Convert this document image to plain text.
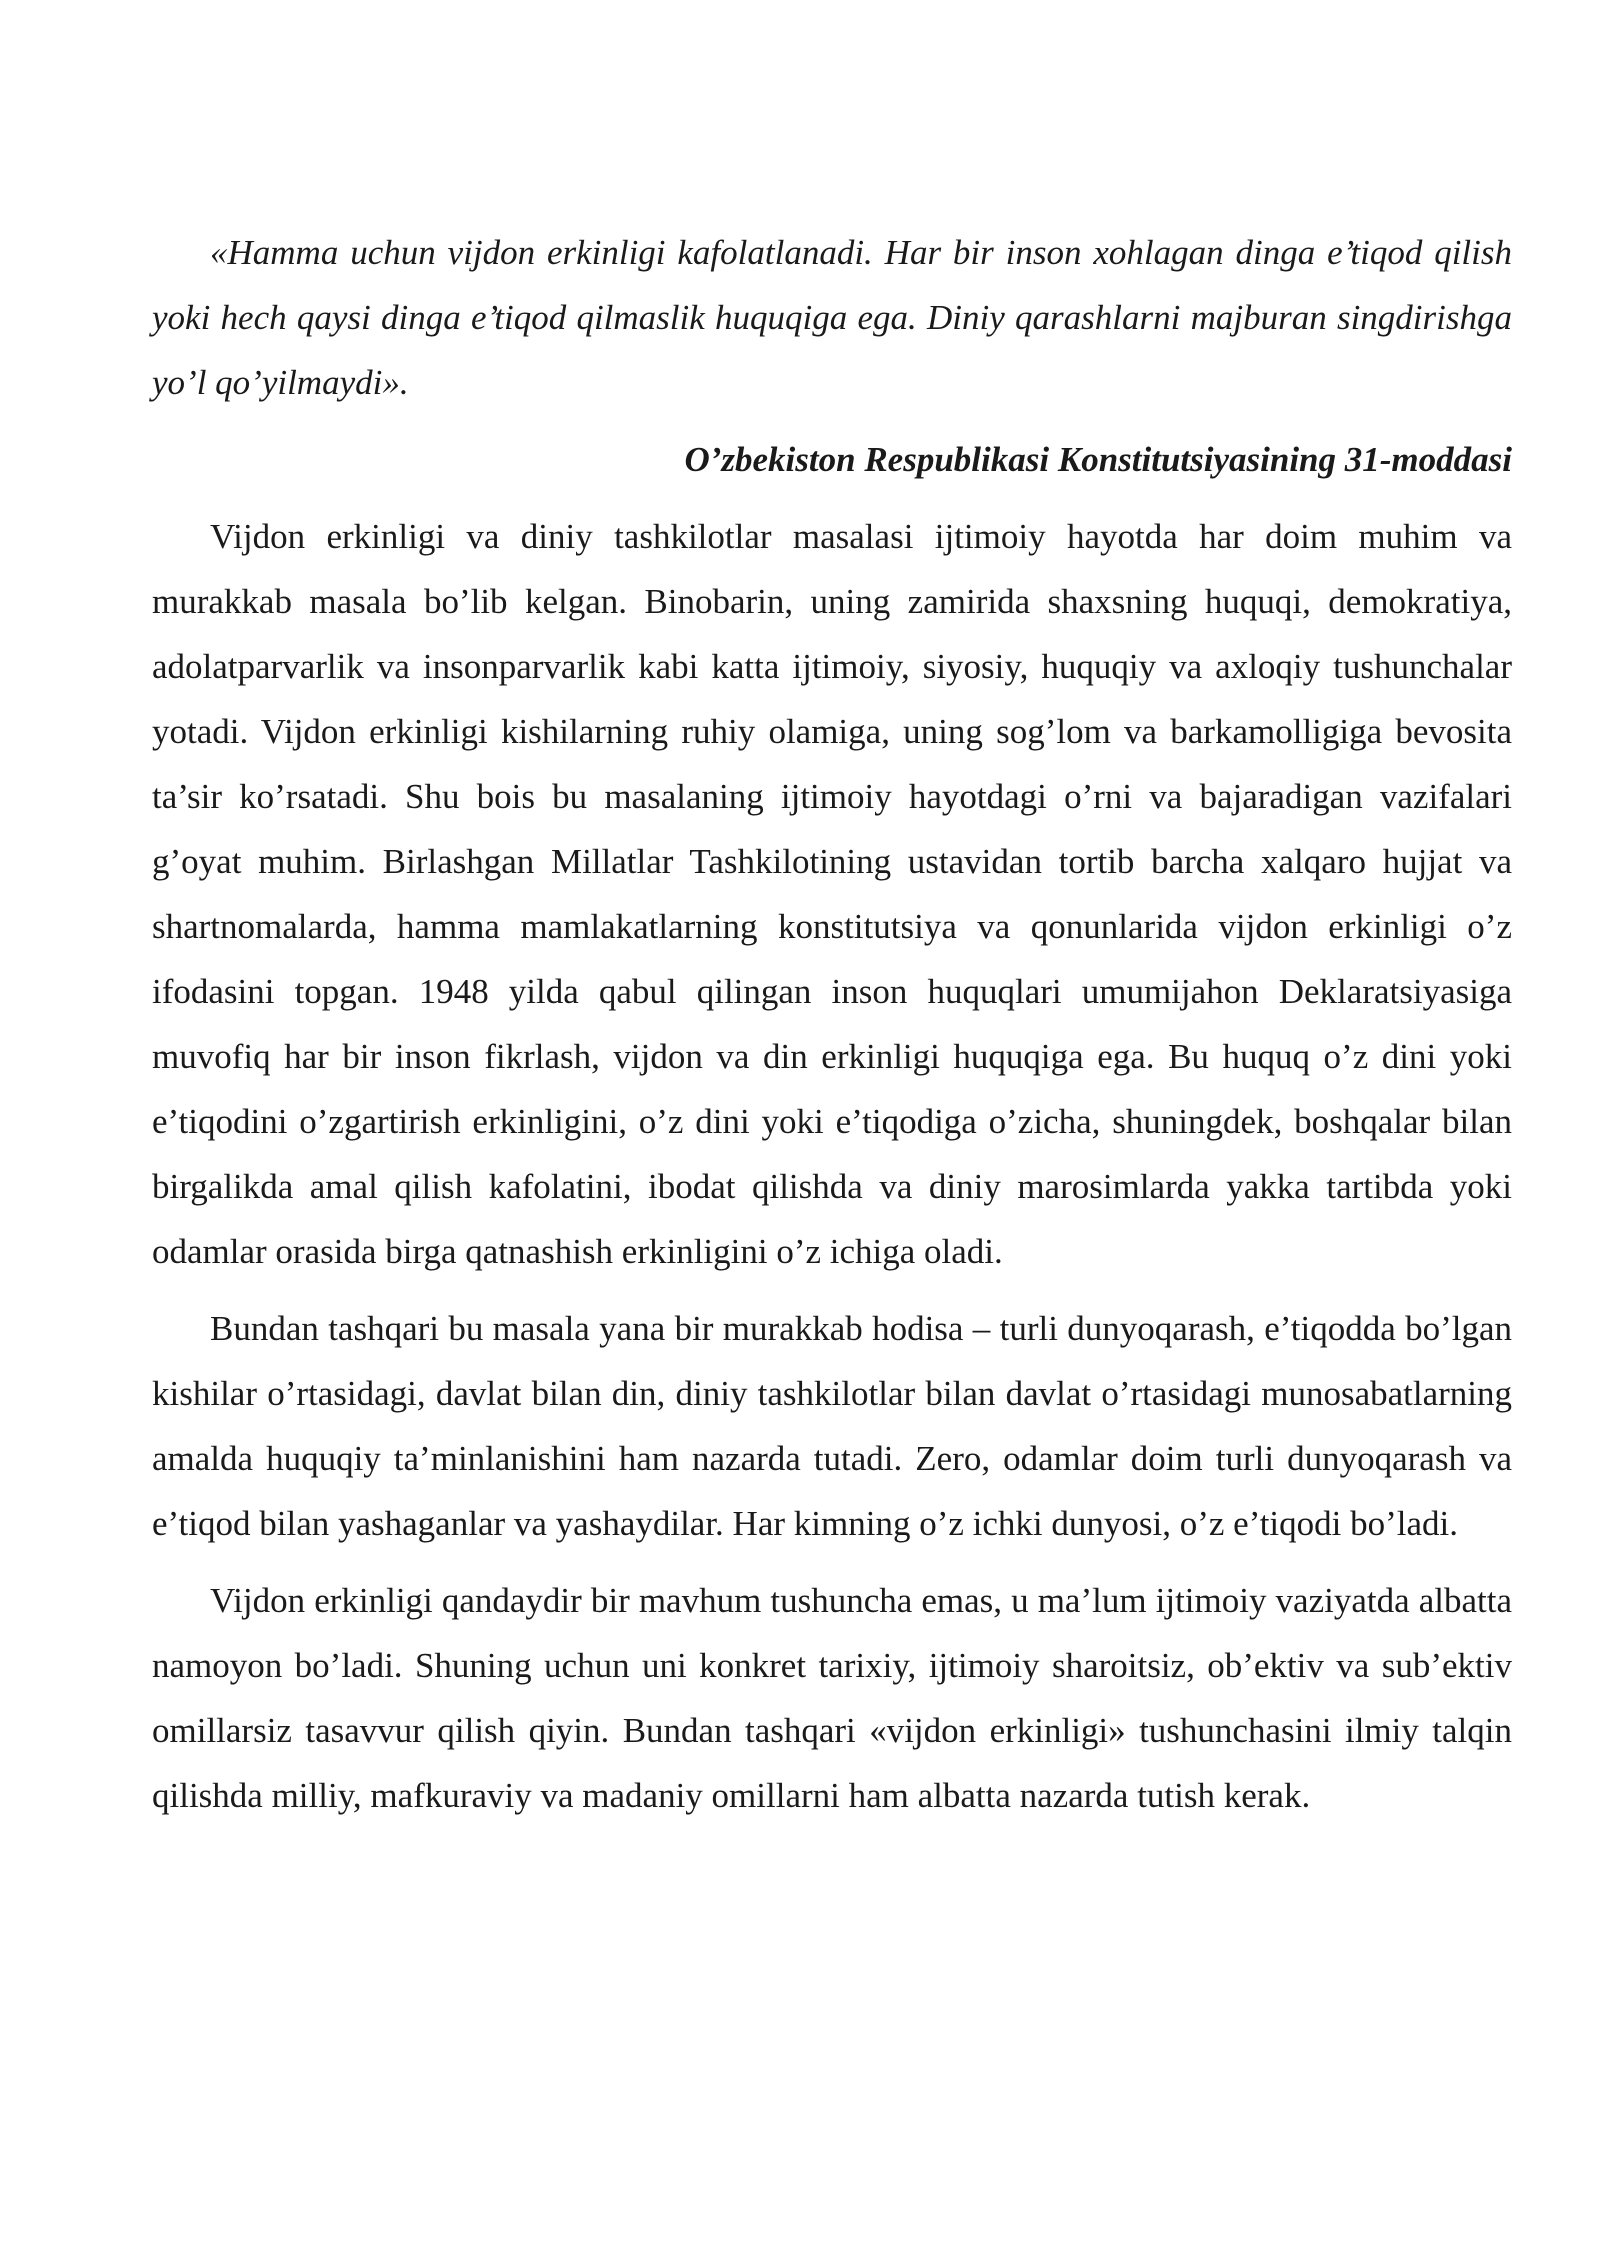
«Hamma uchun vijdon erkinligi kafolatlanadi. Har bir inson xohlagan dinga e’tiqod qilish yoki hech qaysi dinga e’tiqod qilmaslik huquqiga ega. Diniy qarashlarni majburan singdirishga yo’l qo’yilmaydi».

O’zbekiston Respublikasi Konstitutsiyasining 31-moddasi

Vijdon erkinligi va diniy tashkilotlar masalasi ijtimoiy hayotda har doim muhim va murakkab masala bo’lib kelgan. Binobarin, uning zamirida shaxsning huquqi, demokratiya, adolatparvarlik va insonparvarlik kabi katta ijtimoiy, siyosiy, huquqiy va axloqiy tushunchalar yotadi. Vijdon erkinligi kishilarning ruhiy olamiga, uning sog’lom va barkamolligiga bevosita ta’sir ko’rsatadi. Shu bois bu masalaning ijtimoiy hayotdagi o’rni va bajaradigan vazifalari g’oyat muhim. Birlashgan Millatlar Tashkilotining ustavidan tortib barcha xalqaro hujjat va shartnomalarda, hamma mamlakatlarning konstitutsiya va qonunlarida vijdon erkinligi o’z ifodasini topgan. 1948 yilda qabul qilingan inson huquqlari umumijahon Deklaratsiyasiga muvofiq har bir inson fikrlash, vijdon va din erkinligi huquqiga ega. Bu huquq o’z dini yoki e’tiqodini o’zgartirish erkinligini, o’z dini yoki e’tiqodiga o’zicha, shuningdek, boshqalar bilan birgalikda amal qilish kafolatini, ibodat qilishda va diniy marosimlarda yakka tartibda yoki odamlar orasida birga qatnashish erkinligini o’z ichiga oladi.

Bundan tashqari bu masala yana bir murakkab hodisa – turli dunyoqarash, e’tiqodda bo’lgan kishilar o’rtasidagi, davlat bilan din, diniy tashkilotlar bilan davlat o’rtasidagi munosabatlarning amalda huquqiy ta’minlanishini ham nazarda tutadi. Zero, odamlar doim turli dunyoqarash va e’tiqod bilan yashaganlar va yashaydilar. Har kimning o’z ichki dunyosi, o’z e’tiqodi bo’ladi.

Vijdon erkinligi qandaydir bir mavhum tushuncha emas, u ma’lum ijtimoiy vaziyatda albatta namoyon bo’ladi. Shuning uchun uni konkret tarixiy, ijtimoiy sharoitsiz, ob’ektiv va sub’ektiv omillarsiz tasavvur qilish qiyin. Bundan tashqari «vijdon erkinligi» tushunchasini ilmiy talqin qilishda milliy, mafkuraviy va madaniy omillarni ham albatta nazarda tutish kerak.
